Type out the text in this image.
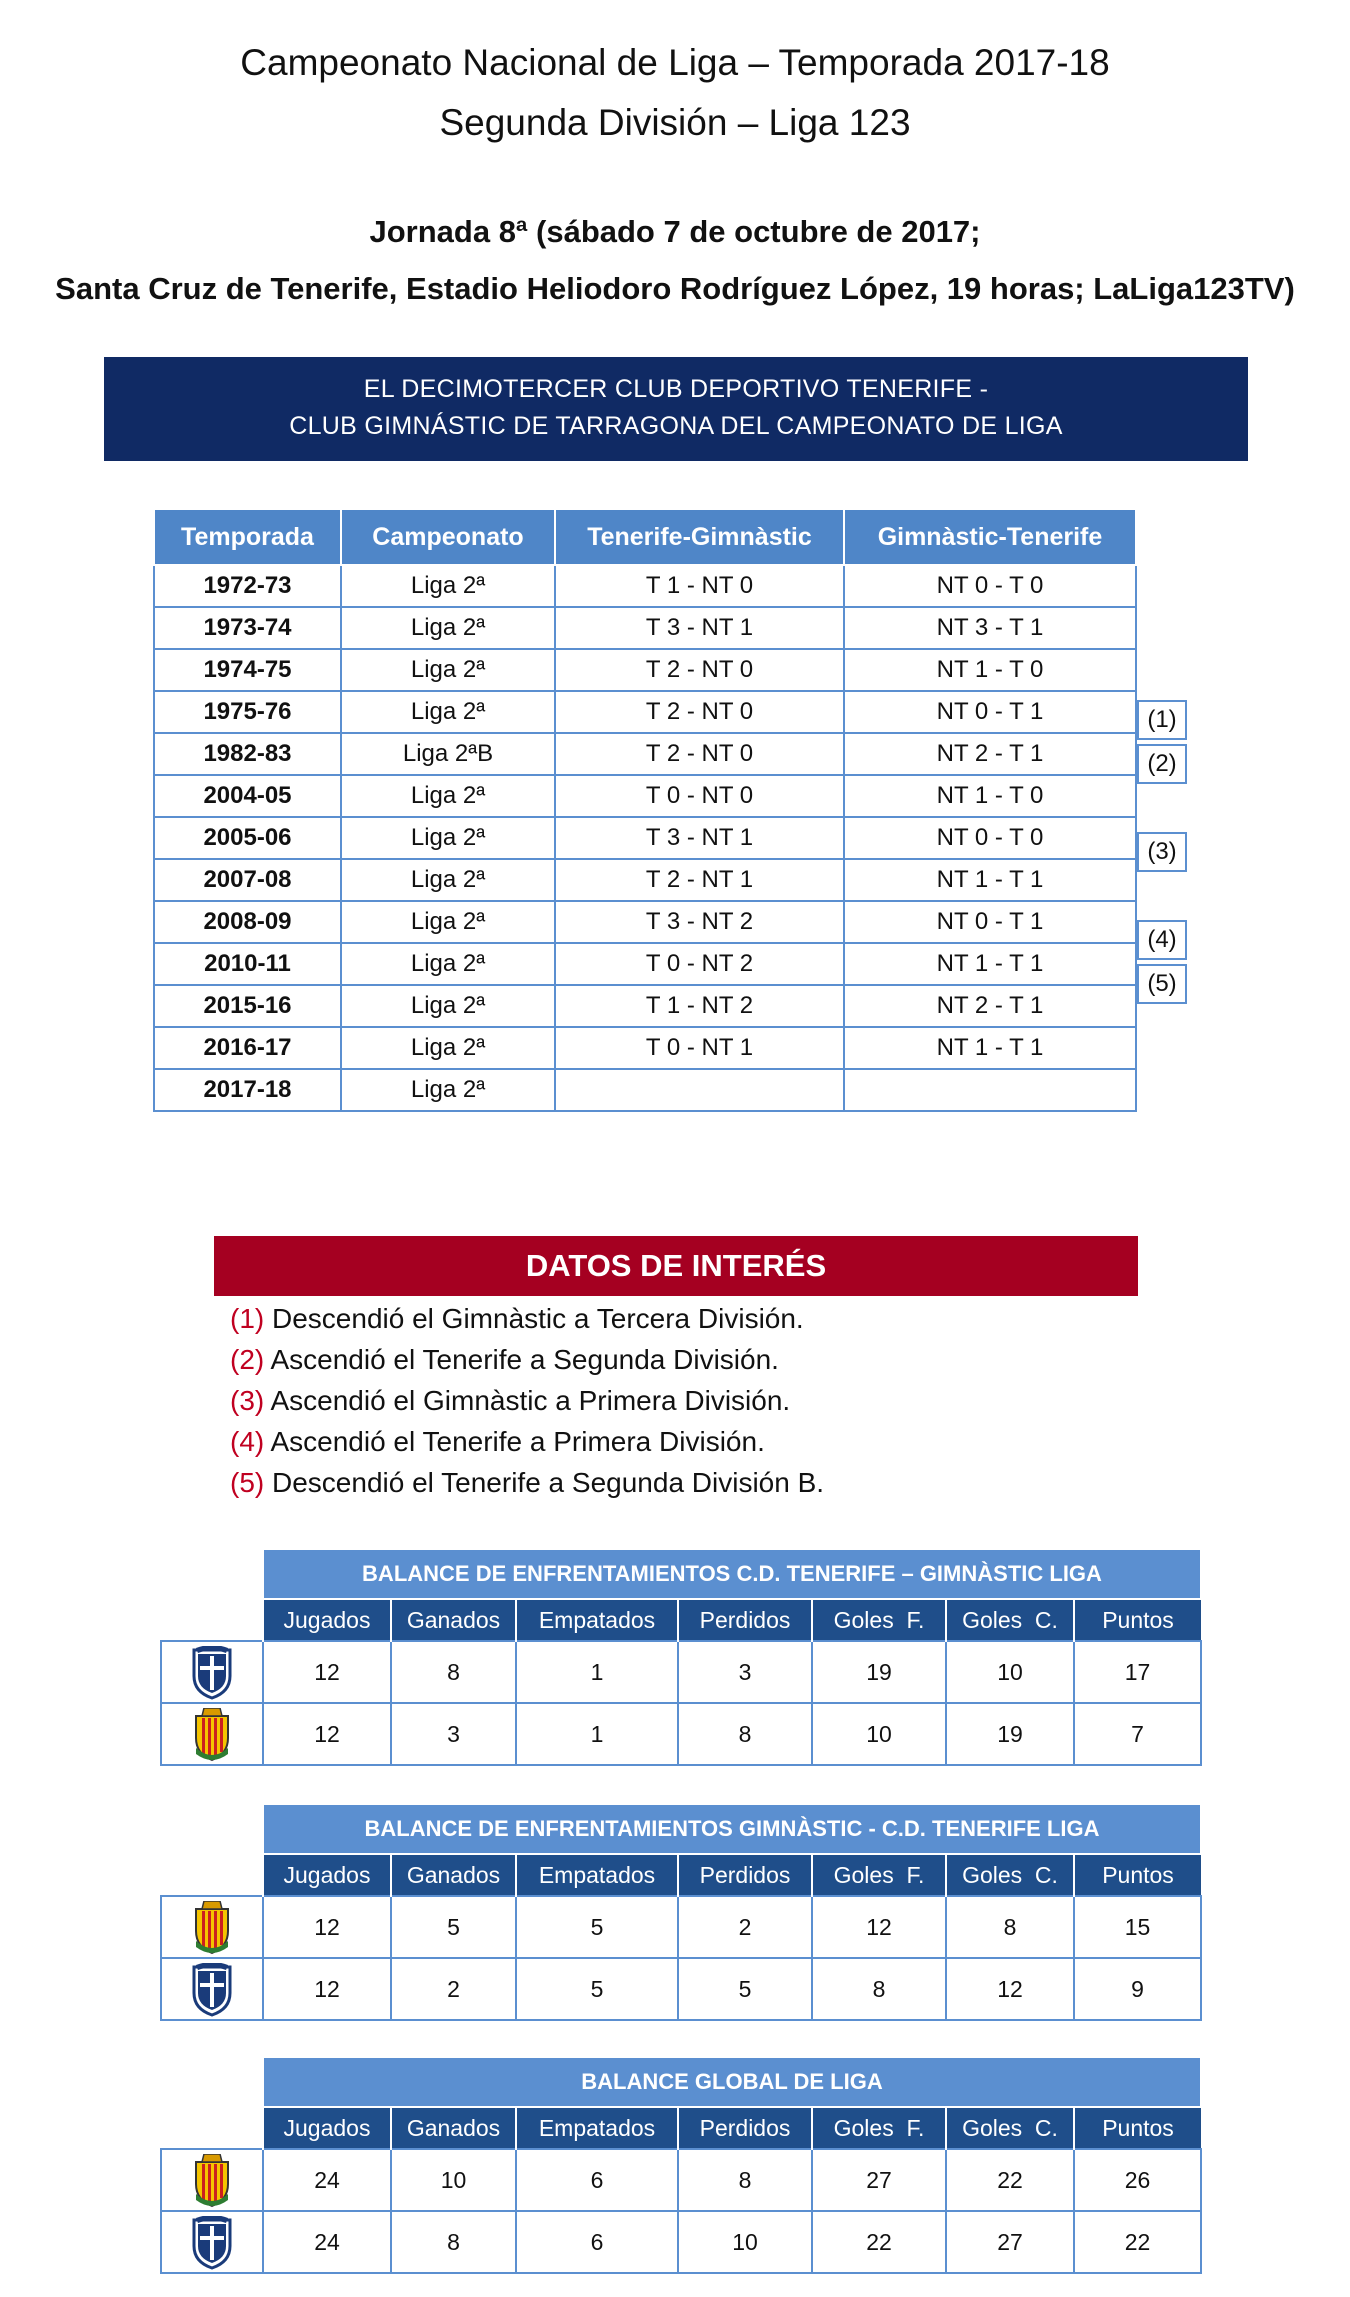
Campeonato Nacional de Liga – Temporada 2017-18
Segunda División – Liga 123
Jornada 8ª (sábado 7 de octubre de 2017;
Santa Cruz de Tenerife, Estadio Heliodoro Rodríguez López, 19 horas; LaLiga123TV)
EL DECIMOTERCER CLUB DEPORTIVO TENERIFE -
CLUB GIMNÁSTIC DE TARRAGONA DEL CAMPEONATO DE LIGA
Temporada	Campeonato	Tenerife-Gimnàstic	Gimnàstic-Tenerife
1972-73	Liga 2ª	T 1 - NT 0	NT 0 - T 0
1973-74	Liga 2ª	T 3 - NT 1	NT 3 - T 1
1974-75	Liga 2ª	T 2 - NT 0	NT 1 - T 0
1975-76	Liga 2ª	T 2 - NT 0	NT 0 - T 1
1982-83	Liga 2ªB	T 2 - NT 0	NT 2 - T 1
2004-05	Liga 2ª	T 0 - NT 0	NT 1 - T 0
2005-06	Liga 2ª	T 3 - NT 1	NT 0 - T 0
2007-08	Liga 2ª	T 2 - NT 1	NT 1 - T 1
2008-09	Liga 2ª	T 3 - NT 2	NT 0 - T 1
2010-11	Liga 2ª	T 0 - NT 2	NT 1 - T 1
2015-16	Liga 2ª	T 1 - NT 2	NT 2 - T 1
2016-17	Liga 2ª	T 0 - NT 1	NT 1 - T 1
2017-18	Liga 2ª		
(1)
(2)
(3)
(4)
(5)
DATOS DE INTERÉS
(1) Descendió el Gimnàstic a Tercera División.
(2) Ascendió el Tenerife a Segunda División.
(3) Ascendió el Gimnàstic a Primera División.
(4) Ascendió el Tenerife a Primera División.
(5) Descendió el Tenerife a Segunda División B.
	BALANCE DE ENFRENTAMIENTOS C.D. TENERIFE – GIMNÀSTIC LIGA						
	Jugados	Ganados	Empatados	Perdidos	Goles  F.	Goles  C.	Puntos

	12	8	1	3	19	10	17

	12	3	1	8	10	19	7
	BALANCE DE ENFRENTAMIENTOS GIMNÀSTIC - C.D. TENERIFE LIGA						
	Jugados	Ganados	Empatados	Perdidos	Goles  F.	Goles  C.	Puntos

	12	5	5	2	12	8	15

	12	2	5	5	8	12	9
	BALANCE GLOBAL DE LIGA						
	Jugados	Ganados	Empatados	Perdidos	Goles  F.	Goles  C.	Puntos

	24	10	6	8	27	22	26

	24	8	6	10	22	27	22
